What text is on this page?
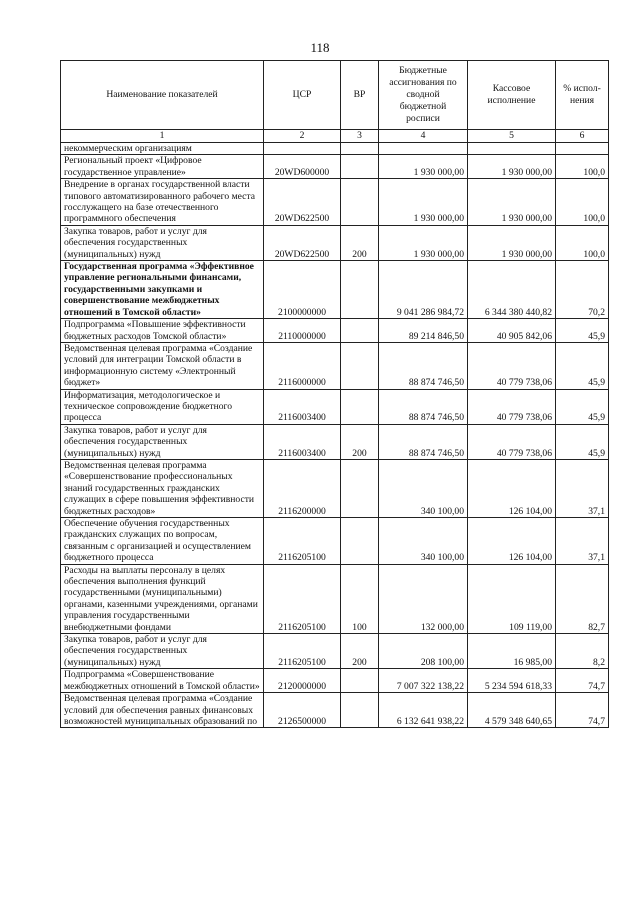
118
Наименование показателей	ЦСР	ВР	Бюджетные ассигнования по сводной бюджетной росписи	Кассовое исполнение	% испол-нения
1	2	3	4	5	6
некоммерческим организациям					
Региональный проект «Цифровое государственное управление»	20WD600000		1 930 000,00	1 930 000,00	100,0
Внедрение в органах государственной власти типового автоматизированного рабочего места госслужащего на базе отечественного программного обеспечения	20WD622500		1 930 000,00	1 930 000,00	100,0
Закупка товаров, работ и услуг для обеспечения государственных (муниципальных) нужд	20WD622500	200	1 930 000,00	1 930 000,00	100,0
Государственная программа «Эффективное управление региональными финансами, государственными закупками и совершенствование межбюджетных отношений в Томской области»	2100000000		9 041 286 984,72	6 344 380 440,82	70,2
Подпрограмма «Повышение эффективности бюджетных расходов Томской области»	2110000000		89 214 846,50	40 905 842,06	45,9
Ведомственная целевая программа «Создание условий для интеграции Томской области в информационную систему «Электронный бюджет»	2116000000		88 874 746,50	40 779 738,06	45,9
Информатизация, методологическое и техническое сопровождение бюджетного процесса	2116003400		88 874 746,50	40 779 738,06	45,9
Закупка товаров, работ и услуг для обеспечения государственных (муниципальных) нужд	2116003400	200	88 874 746,50	40 779 738,06	45,9
Ведомственная целевая программа «Совершенствование профессиональных знаний государственных гражданских служащих в сфере повышения эффективности бюджетных расходов»	2116200000		340 100,00	126 104,00	37,1
Обеспечение обучения государственных гражданских служащих по вопросам, связанным с организацией и осуществлением бюджетного процесса	2116205100		340 100,00	126 104,00	37,1
Расходы на выплаты персоналу в целях обеспечения выполнения функций государственными (муниципальными) органами, казенными учреждениями, органами управления государственными внебюджетными фондами	2116205100	100	132 000,00	109 119,00	82,7
Закупка товаров, работ и услуг для обеспечения государственных (муниципальных) нужд	2116205100	200	208 100,00	16 985,00	8,2
Подпрограмма «Совершенствование межбюджетных отношений в Томской области»	2120000000		7 007 322 138,22	5 234 594 618,33	74,7
Ведомственная целевая программа «Создание условий для обеспечения равных финансовых возможностей муниципальных образований по	2126500000		6 132 641 938,22	4 579 348 640,65	74,7
